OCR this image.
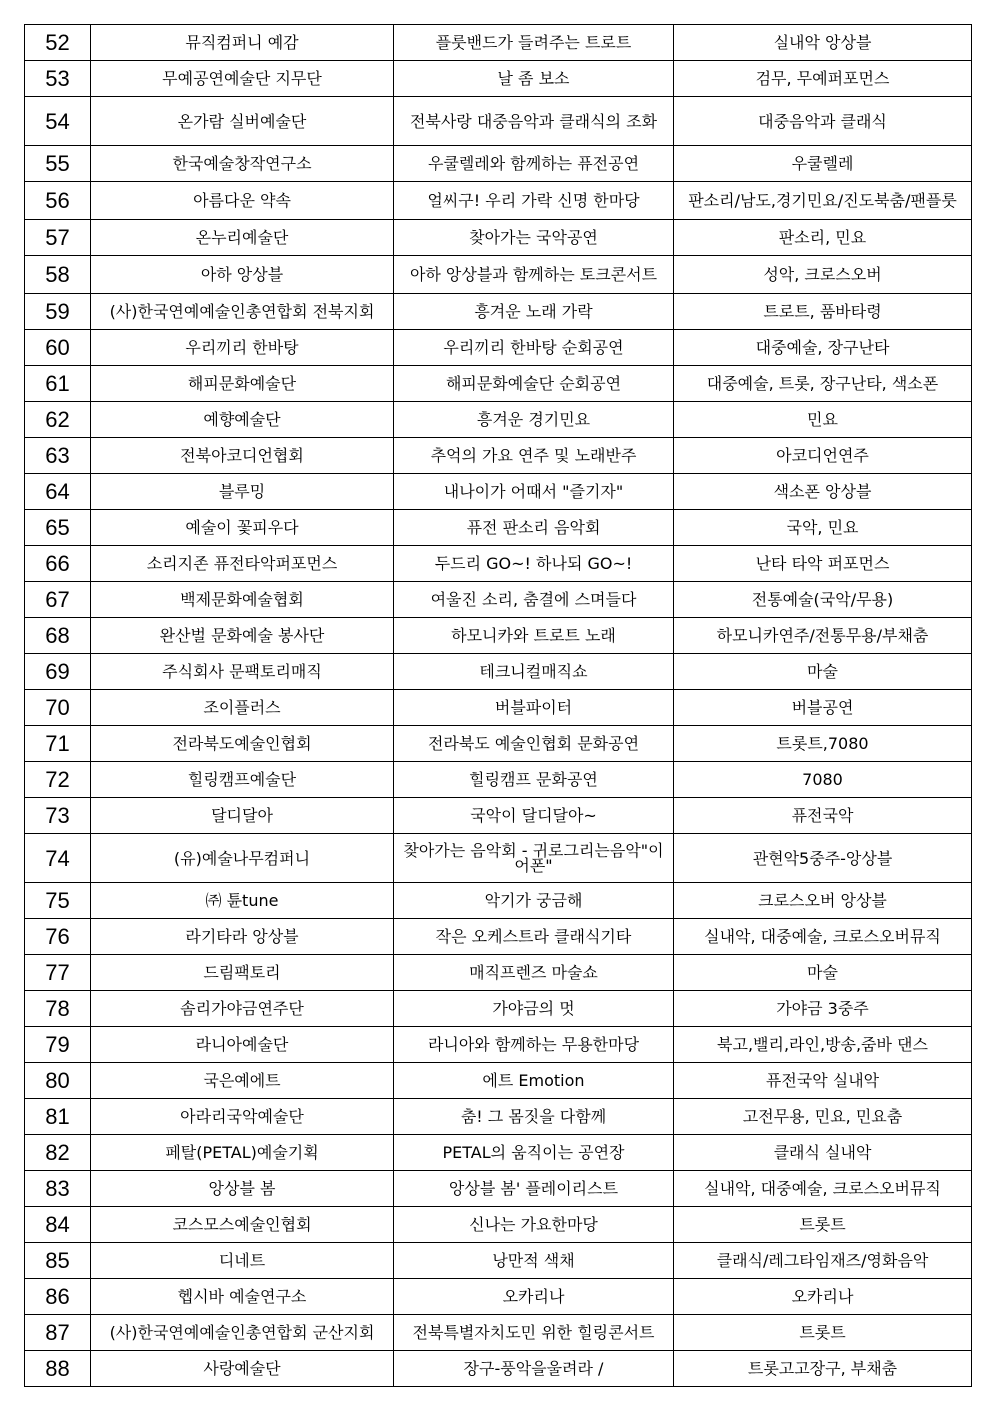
52	뮤직컴퍼니 예감	플룻밴드가 들려주는 트로트	실내악 앙상블
53	무예공연예술단 지무단	날 좀 보소	검무, 무예퍼포먼스
54	온가람 실버예술단	전북사랑 대중음악과 클래식의 조화	대중음악과 클래식
55	한국예술창작연구소	우쿨렐레와 함께하는 퓨전공연	우쿨렐레
56	아름다운 약속	얼씨구! 우리 가락 신명 한마당	판소리/남도,경기민요/진도북춤/팬플룻
57	온누리예술단	찾아가는 국악공연	판소리, 민요
58	아하 앙상블	아하 앙상블과 함께하는 토크콘서트	성악, 크로스오버
59	(사)한국연예예술인총연합회 전북지회	흥겨운 노래 가락	트로트, 품바타령
60	우리끼리 한바탕	우리끼리 한바탕 순회공연	대중예술, 장구난타
61	해피문화예술단	해피문화예술단 순회공연	대중예술, 트롯, 장구난타, 색소폰
62	예향예술단	흥겨운 경기민요	민요
63	전북아코디언협회	추억의 가요 연주 및 노래반주	아코디언연주
64	블루밍	내나이가 어때서 "즐기자"	색소폰 앙상블
65	예술이 꽃피우다	퓨전 판소리 음악회	국악, 민요
66	소리지존 퓨전타악퍼포먼스	두드리 GO~! 하나되 GO~!	난타 타악 퍼포먼스
67	백제문화예술협회	여울진 소리, 춤결에 스며들다	전통예술(국악/무용)
68	완산벌 문화예술 봉사단	하모니카와 트로트 노래	하모니카연주/전통무용/부채춤
69	주식회사 문팩토리매직	테크니컬매직쇼	마술
70	조이플러스	버블파이터	버블공연
71	전라북도예술인협회	전라북도 예술인협회 문화공연	트롯트,7080
72	힐링캠프예술단	힐링캠프 문화공연	7080
73	달디달아	국악이 달디달아~	퓨전국악
74	(유)예술나무컴퍼니	찾아가는 음악회 - 귀로그리는음악"이어폰"	관현악5중주-앙상블
75	㈜ 튠tune	악기가 궁금해	크로스오버 앙상블
76	라기타라 앙상블	작은 오케스트라 클래식기타	실내악, 대중예술, 크로스오버뮤직
77	드림팩토리	매직프렌즈 마술쇼	마술
78	솜리가야금연주단	가야금의 멋	가야금 3중주
79	라니아예술단	라니아와 함께하는 무용한마당	북고,밸리,라인,방송,줌바 댄스
80	국은예에트	에트 Emotion	퓨전국악 실내악
81	아라리국악예술단	춤! 그 몸짓을 다함께	고전무용, 민요, 민요춤
82	페탈(PETAL)예술기획	PETAL의 움직이는 공연장	클래식 실내악
83	앙상블 봄	앙상블 봄' 플레이리스트	실내악, 대중예술, 크로스오버뮤직
84	코스모스예술인협회	신나는 가요한마당	트롯트
85	디네트	낭만적 색채	클래식/레그타임재즈/영화음악
86	헵시바 예술연구소	오카리나	오카리나
87	(사)한국연예예술인총연합회 군산지회	전북특별자치도민 위한 힐링콘서트	트롯트
88	사랑예술단	장구-풍악을울려라 /	트롯고고장구, 부채춤
